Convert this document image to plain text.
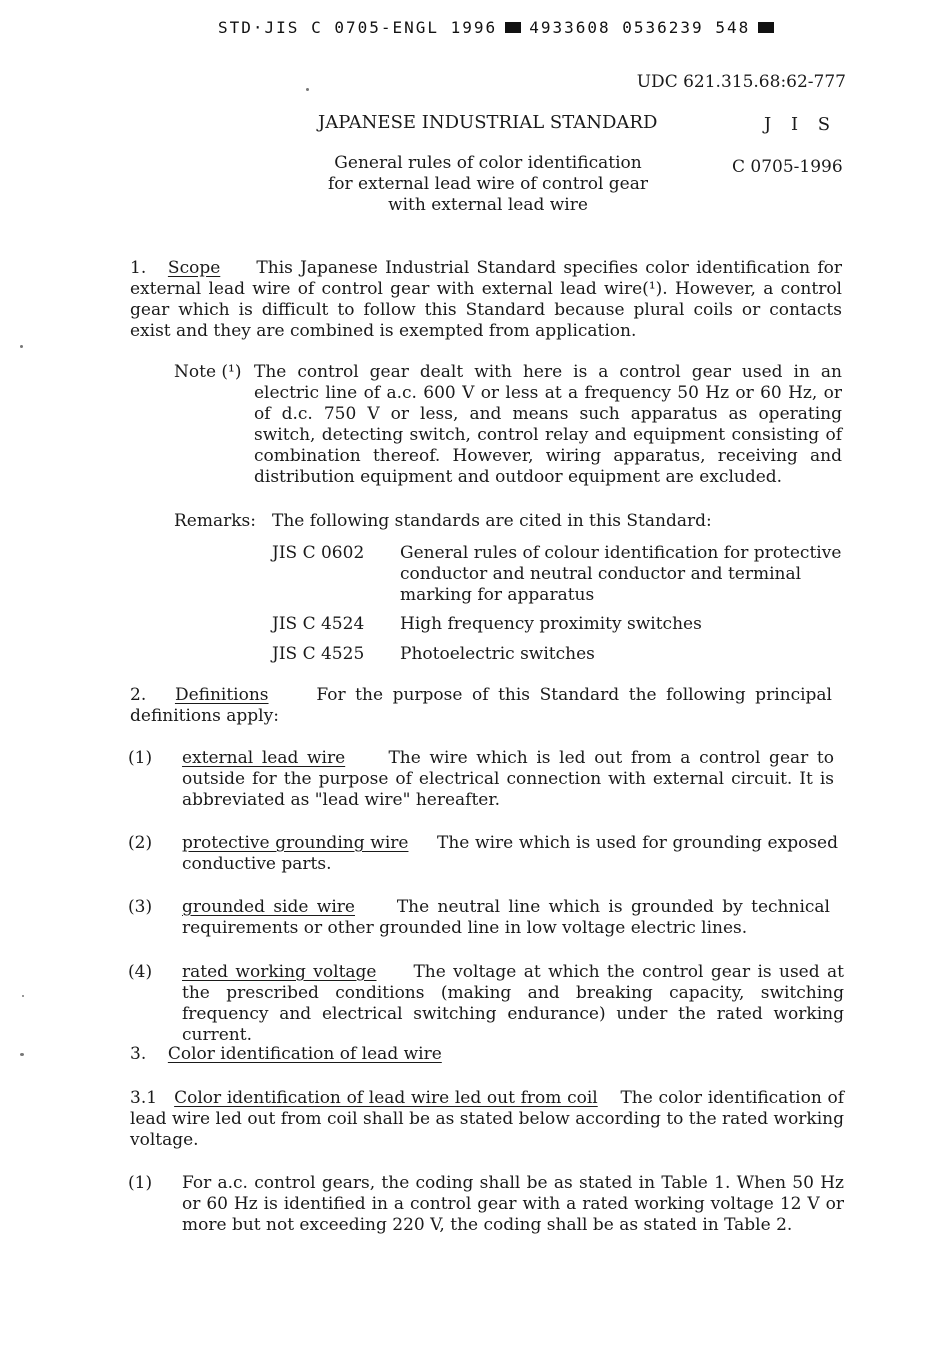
STD·JIS C 0705-ENGL 1996 4933608 0536239 548
UDC 621.315.68:62-777
JAPANESE INDUSTRIAL STANDARD	J I S
General rules of color identification
for external lead wire of control gear
with external lead wire
C 0705-1996
1. Scope This Japanese Industrial Standard specifies color identification for external lead wire of control gear with external lead wire(¹). However, a control gear which is difficult to follow this Standard because plural coils or contacts exist and they are combined is exempted from application.
Note (¹) The control gear dealt with here is a control gear used in an electric line of a.c. 600 V or less at a frequency 50 Hz or 60 Hz, or of d.c. 750 V or less, and means such apparatus as operating switch, detecting switch, control relay and equipment consisting of combination thereof. However, wiring apparatus, receiving and distribution equipment and outdoor equipment are excluded.
Remarks: The following standards are cited in this Standard:
JIS C 0602 General rules of colour identification for protective conductor and neutral conductor and terminal marking for apparatus
JIS C 4524 High frequency proximity switches
JIS C 4525 Photoelectric switches
2. Definitions	For the purpose of this Standard the following principal definitions apply:
(1) external lead wire	The wire which is led out from a control gear to outside for the purpose of electrical connection with external circuit. It is abbreviated as "lead wire" hereafter.
(2) protective grounding wire The wire which is used for grounding exposed conductive parts.
(3) grounded side wire The neutral line which is grounded by technical requirements or other grounded line in low voltage electric lines.
(4) rated working voltage The voltage at which the control gear is used at the prescribed conditions (making and breaking capacity, switching frequency and electrical switching endurance) under the rated working current.
3. Color identification of lead wire
3.1 Color identification of lead wire led out from coil The color identification of lead wire led out from coil shall be as stated below according to the rated working voltage.
(1) For a.c. control gears, the coding shall be as stated in Table 1. When 50 Hz or 60 Hz is identified in a control gear with a rated working voltage 12 V or more but not exceeding 220 V, the coding shall be as stated in Table 2.
